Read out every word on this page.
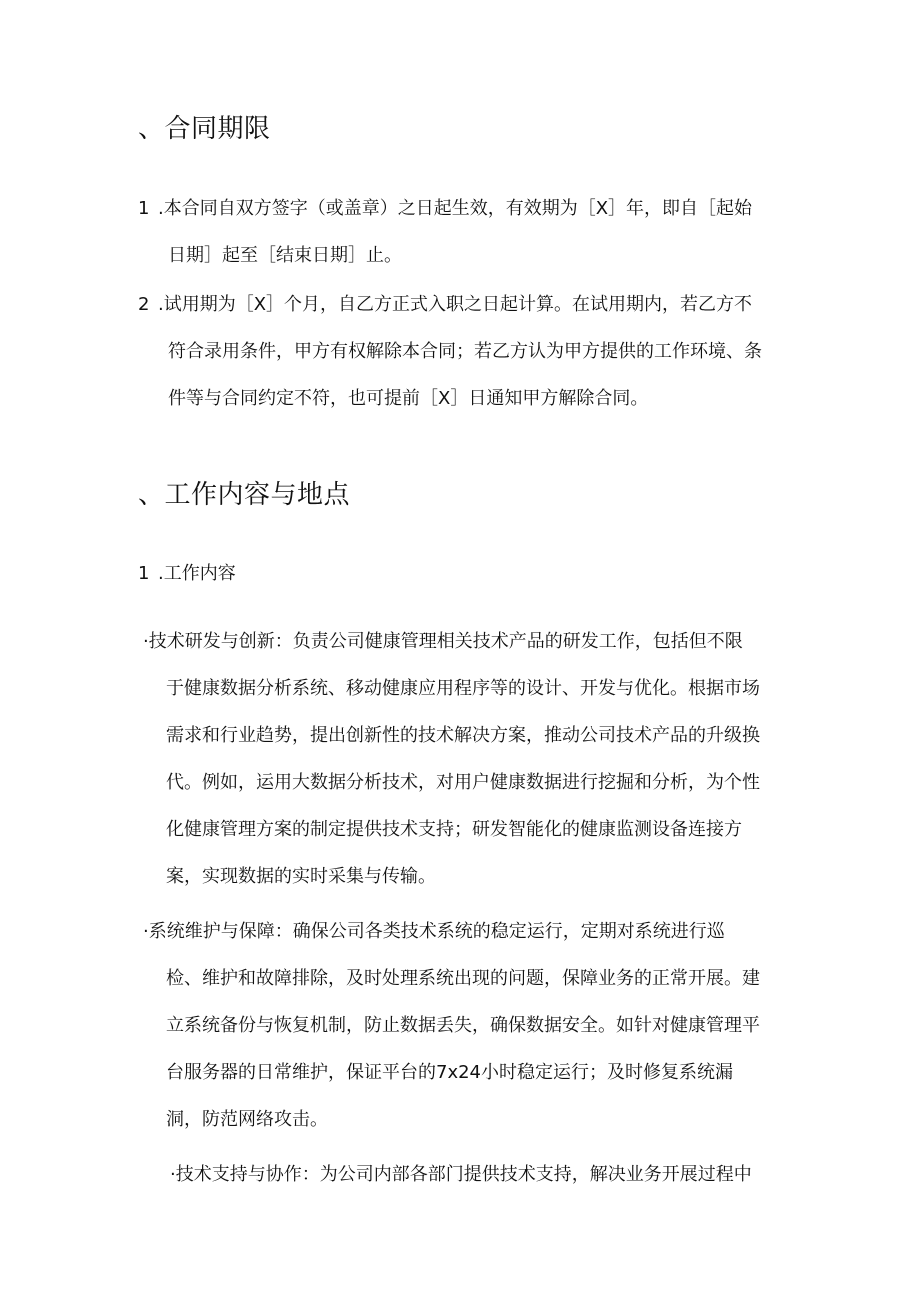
、合同期限
1 .本合同自双方签字（或盖章）之日起生效，有效期为［X］年，即自［起始
日期］起至［结束日期］止。
2 .试用期为［X］个月，自乙方正式入职之日起计算。在试用期内，若乙方不
符合录用条件，甲方有权解除本合同；若乙方认为甲方提供的工作环境、条
件等与合同约定不符，也可提前［X］日通知甲方解除合同。
、工作内容与地点
1 .工作内容
·技术研发与创新：负责公司健康管理相关技术产品的研发工作，包括但不限
于健康数据分析系统、移动健康应用程序等的设计、开发与优化。根据市场
需求和行业趋势，提出创新性的技术解决方案，推动公司技术产品的升级换
代。例如，运用大数据分析技术，对用户健康数据进行挖掘和分析，为个性
化健康管理方案的制定提供技术支持；研发智能化的健康监测设备连接方
案，实现数据的实时采集与传输。
·系统维护与保障：确保公司各类技术系统的稳定运行，定期对系统进行巡
检、维护和故障排除，及时处理系统出现的问题，保障业务的正常开展。建
立系统备份与恢复机制，防止数据丢失，确保数据安全。如针对健康管理平
台服务器的日常维护，保证平台的7x24小时稳定运行；及时修复系统漏
洞，防范网络攻击。
·技术支持与协作：为公司内部各部门提供技术支持，解决业务开展过程中
